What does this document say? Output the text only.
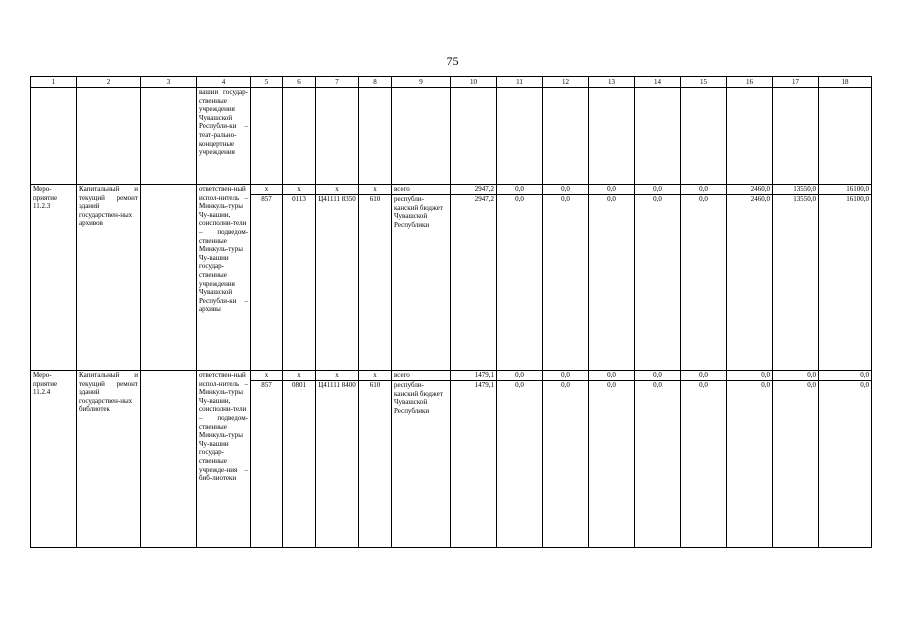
75
1	2	3	4	5	6	7	8	9	10	11	12	13	14	15	16	17	18
			вашии государ-ственные учреждения Чувашской Республи-ки – теат-рально-концертные учреждения														
Меро-приятие 11.2.3	Капитальный и текущий ремонт зданий государствен-ных архивов		ответствен-ный испол-нитель – Минкуль-туры Чу-вашии, соисполни-тели – подведом-ственные Минкуль-туры Чу-вашии государ-ственные учреждения Чувашской Республи-ки – архивы	x	x	x	x	всего	2947,2	0,0	0,0	0,0	0,0	0,0	2460,0	13550,0	16100,0
				857	0113	Ц41111 8350	610	республи-канский бюджет Чувашской Республики	2947,2	0,0	0,0	0,0	0,0	0,0	2460,0	13550,0	16100,0
Меро-приятие 11.2.4	Капитальный и текущий ремонт зданий государствен-ных библиотек		ответствен-ный испол-нитель – Минкуль-туры Чу-вашии, соисполни-тели – подведом-ственные Минкуль-туры Чу-вашии государ-ственные учрежде-ния – биб-лиотеки	x	x	x	x	всего	1479,1	0,0	0,0	0,0	0,0	0,0	0,0	0,0	0,0
				857	0801	Ц41111 8400	610	республи-канский бюджет Чувашской Республики	1479,1	0,0	0,0	0,0	0,0	0,0	0,0	0,0	0,0
